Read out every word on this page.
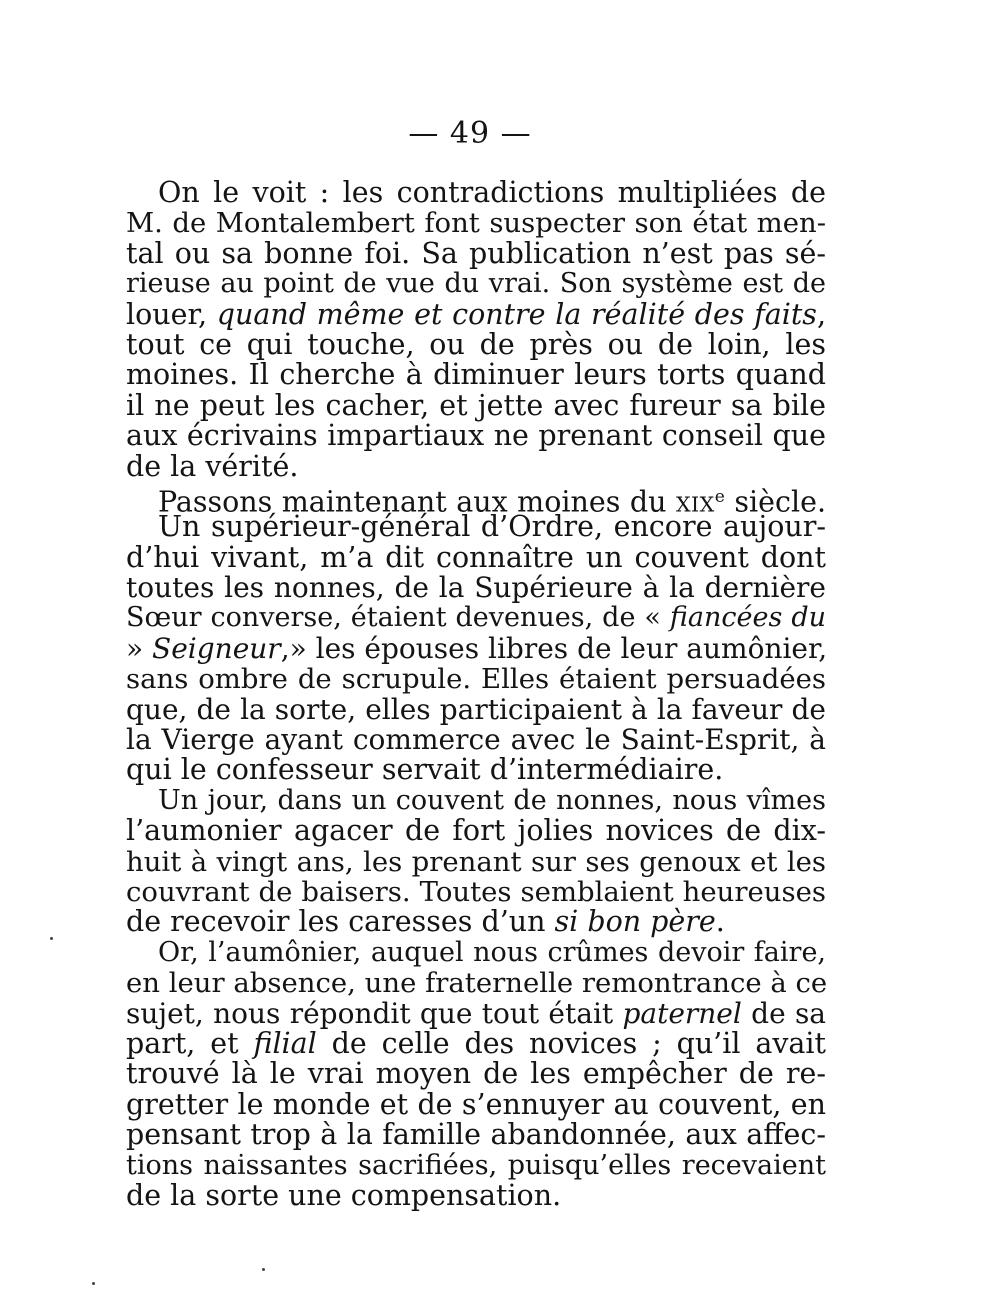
— 49 —
On le voit : les contradictions multipliées de
M. de Montalembert font suspecter son état men-
tal ou sa bonne foi. Sa publication n’est pas sé-
rieuse au point de vue du vrai. Son système est de
louer, quand même et contre la réalité des faits,
tout ce qui touche, ou de près ou de loin, les
moines. Il cherche à diminuer leurs torts quand
il ne peut les cacher, et jette avec fureur sa bile
aux écrivains impartiaux ne prenant conseil que
de la vérité.
Passons maintenant aux moines du XIXe siècle.
Un supérieur-général d’Ordre, encore aujour-
d’hui vivant, m’a dit connaître un couvent dont
toutes les nonnes, de la Supérieure à la dernière
Sœur converse, étaient devenues, de « fiancées du
» Seigneur,» les épouses libres de leur aumônier,
sans ombre de scrupule. Elles étaient persuadées
que, de la sorte, elles participaient à la faveur de
la Vierge ayant commerce avec le Saint-Esprit, à
qui le confesseur servait d’intermédiaire.
Un jour, dans un couvent de nonnes, nous vîmes
l’aumonier agacer de fort jolies novices de dix-
huit à vingt ans, les prenant sur ses genoux et les
couvrant de baisers. Toutes semblaient heureuses
de recevoir les caresses d’un si bon père.
Or, l’aumônier, auquel nous crûmes devoir faire,
en leur absence, une fraternelle remontrance à ce
sujet, nous répondit que tout était paternel de sa
part, et filial de celle des novices ; qu’il avait
trouvé là le vrai moyen de les empêcher de re-
gretter le monde et de s’ennuyer au couvent, en
pensant trop à la famille abandonnée, aux affec-
tions naissantes sacrifiées, puisqu’elles recevaient
de la sorte une compensation.
